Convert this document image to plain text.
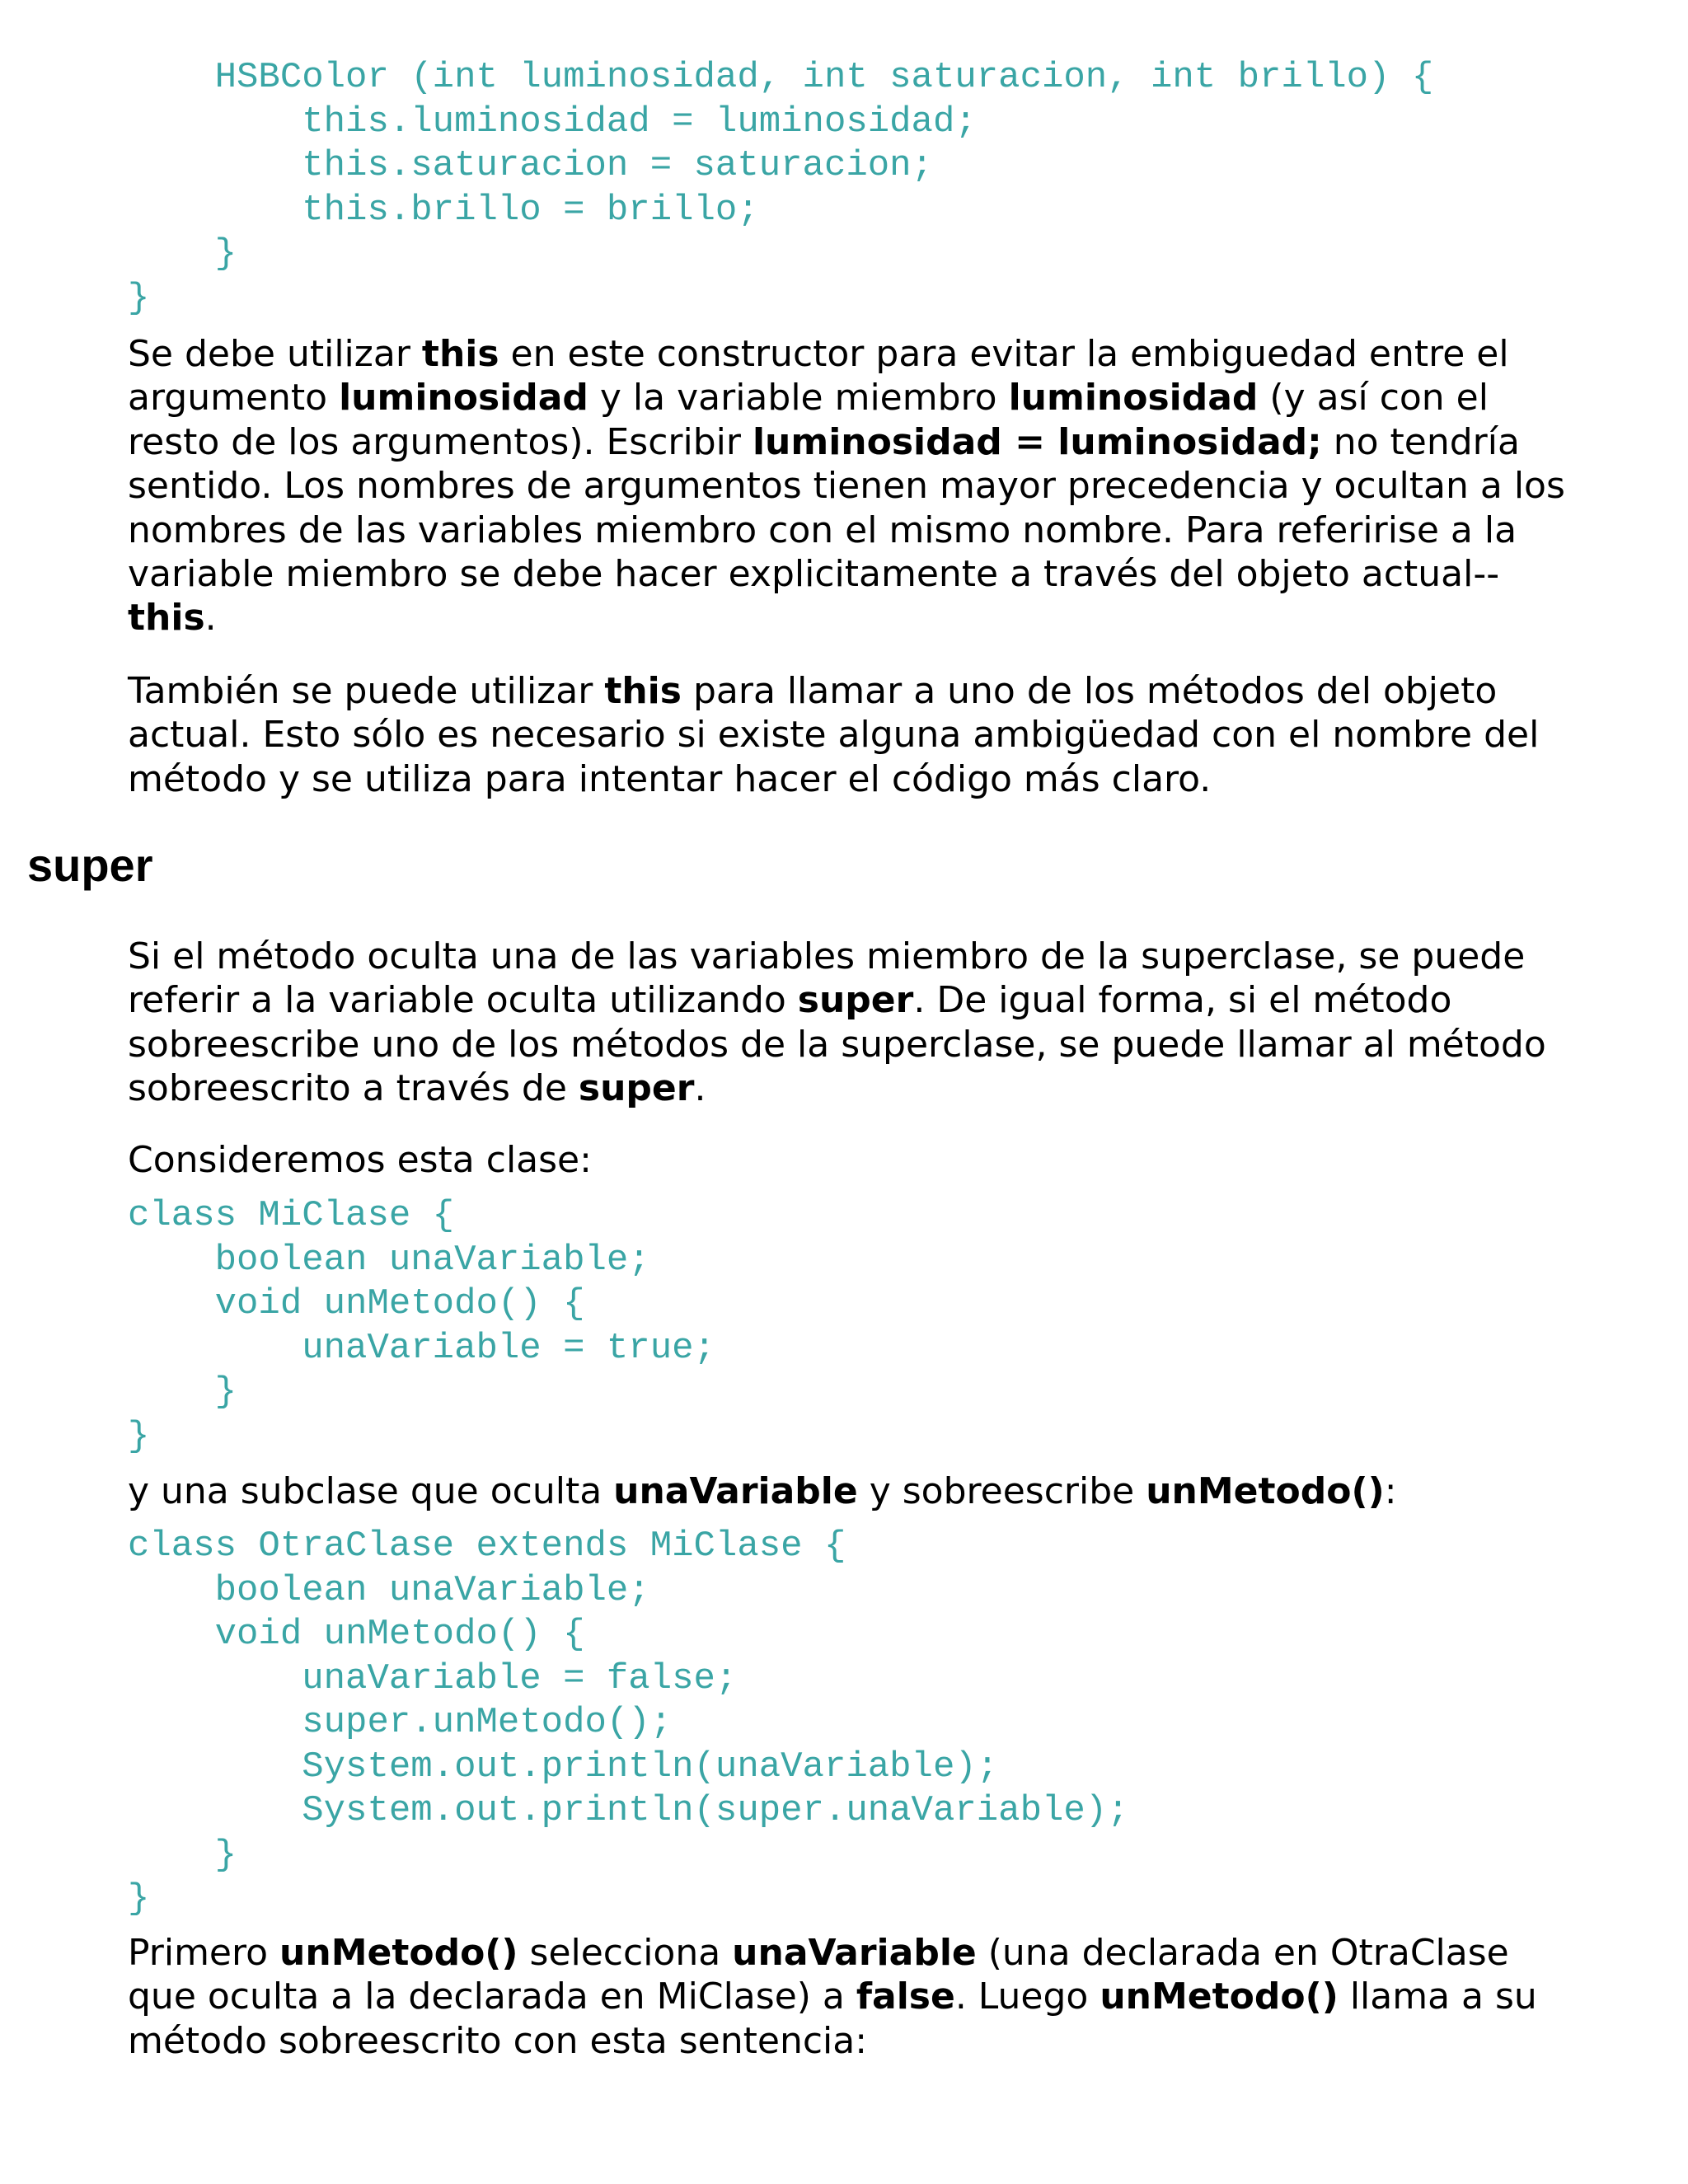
HSBColor (int luminosidad, int saturacion, int brillo) {
this.luminosidad = luminosidad;
this.saturacion = saturacion;
this.brillo = brillo;
}
}

Se debe utilizar this en este constructor para evitar la embiguedad entre el argumento luminosidad y la variable miembro luminosidad (y así con el resto de los argumentos). Escribir luminosidad = luminosidad; no tendría sentido. Los nombres de argumentos tienen mayor precedencia y ocultan a los nombres de las variables miembro con el mismo nombre. Para referirise a la variable miembro se debe hacer explicitamente a través del objeto actual--this.

También se puede utilizar this para llamar a uno de los métodos del objeto actual. Esto sólo es necesario si existe alguna ambigüedad con el nombre del método y se utiliza para intentar hacer el código más claro.

super

Si el método oculta una de las variables miembro de la superclase, se puede referir a la variable oculta utilizando super. De igual forma, si el método sobreescribe uno de los métodos de la superclase, se puede llamar al método sobreescrito a través de super.

Consideremos esta clase:

class MiClase {
boolean unaVariable;
void unMetodo() {
unaVariable = true;
}
}

y una subclase que oculta unaVariable y sobreescribe unMetodo():

class OtraClase extends MiClase {
boolean unaVariable;
void unMetodo() {
unaVariable = false;
super.unMetodo();
System.out.println(unaVariable);
System.out.println(super.unaVariable);
}
}

Primero unMetodo() selecciona unaVariable (una declarada en OtraClase que oculta a la declarada en MiClase) a false. Luego unMetodo() llama a su método sobreescrito con esta sentencia:
